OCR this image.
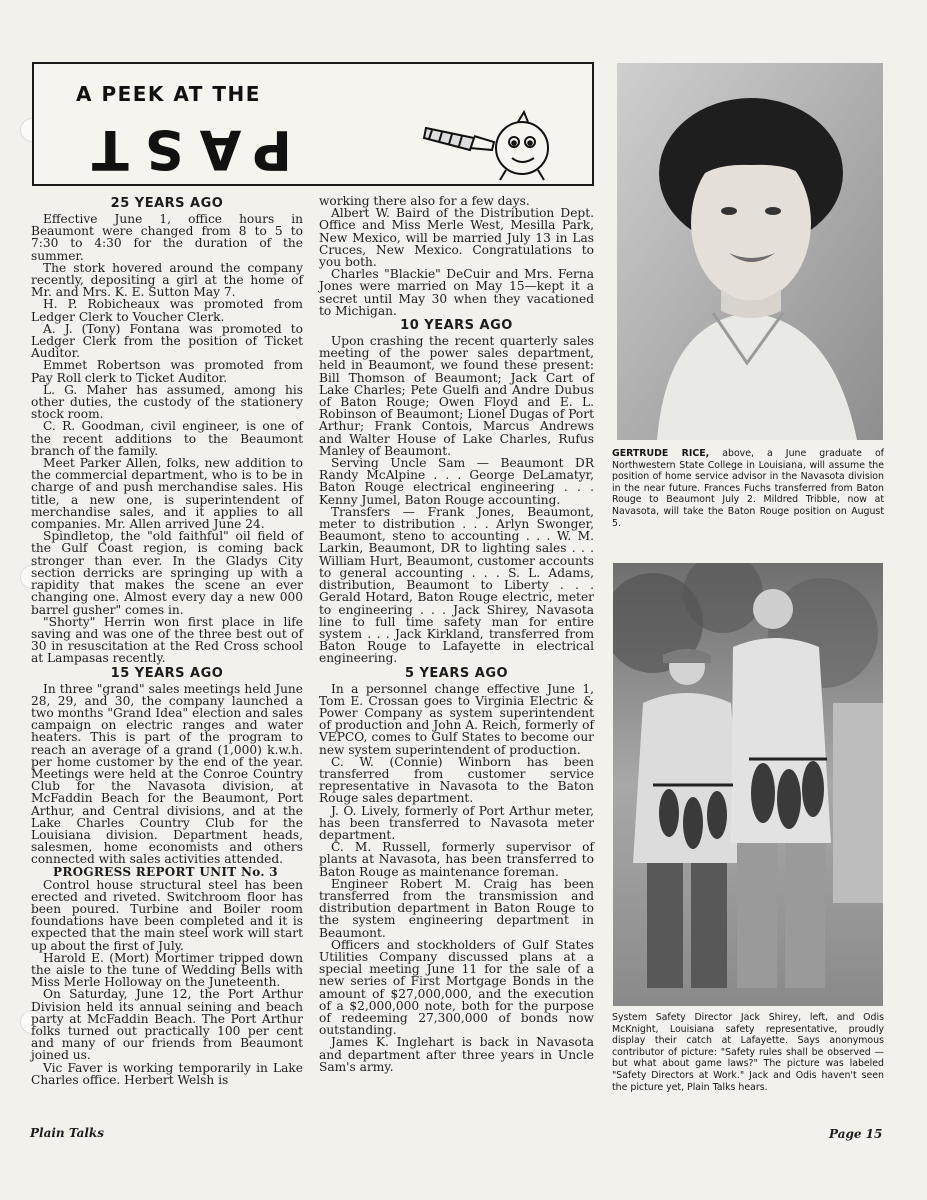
A PEEK AT THE
PAST
25 YEARS AGO

Effective June 1, office hours in Beaumont were changed from 8 to 5 to 7:30 to 4:30 for the duration of the summer.

The stork hovered around the company recently, depositing a girl at the home of Mr. and Mrs. K. E. Sutton May 7.

H. P. Robicheaux was promoted from Ledger Clerk to Voucher Clerk.

A. J. (Tony) Fontana was promoted to Ledger Clerk from the position of Ticket Auditor.

Emmet Robertson was promoted from Pay Roll clerk to Ticket Auditor.

L. G. Maher has assumed, among his other duties, the custody of the stationery stock room.

C. R. Goodman, civil engineer, is one of the recent additions to the Beaumont branch of the family.

Meet Parker Allen, folks, new addition to the commercial department, who is to be in charge of and push merchandise sales. His title, a new one, is superintendent of merchandise sales, and it applies to all companies. Mr. Allen arrived June 24.

Spindletop, the "old faithful" oil field of the Gulf Coast region, is coming back stronger than ever. In the Gladys City section derricks are springing up with a rapidity that makes the scene an ever changing one. Almost every day a new 000 barrel gusher" comes in.

"Shorty" Herrin won first place in life saving and was one of the three best out of 30 in resuscitation at the Red Cross school at Lampasas recently.

15 YEARS AGO

In three "grand" sales meetings held June 28, 29, and 30, the company launched a two months "Grand Idea" election and sales campaign on electric ranges and water heaters. This is part of the program to reach an average of a grand (1,000) k.w.h. per home customer by the end of the year. Meetings were held at the Conroe Country Club for the Navasota division, at McFaddin Beach for the Beaumont, Port Arthur, and Central divisions, and at the Lake Charles Country Club for the Louisiana division. Department heads, salesmen, home economists and others connected with sales activities attended.

PROGRESS REPORT UNIT No. 3

Control house structural steel has been erected and riveted. Switchroom floor has been poured. Turbine and Boiler room foundations have been completed and it is expected that the main steel work will start up about the first of July.

Harold E. (Mort) Mortimer tripped down the aisle to the tune of Wedding Bells with Miss Merle Holloway on the Juneteenth.

On Saturday, June 12, the Port Arthur Division held its annual seining and beach party at McFaddin Beach. The Port Arthur folks turned out practically 100 per cent and many of our friends from Beaumont joined us.

Vic Faver is working temporarily in Lake Charles office. Herbert Welsh is

working there also for a few days.

Albert W. Baird of the Distribution Dept. Office and Miss Merle West, Mesilla Park, New Mexico, will be married July 13 in Las Cruces, New Mexico. Congratulations to you both.

Charles "Blackie" DeCuir and Mrs. Ferna Jones were married on May 15—kept it a secret until May 30 when they vacationed to Michigan.

10 YEARS AGO

Upon crashing the recent quarterly sales meeting of the power sales department, held in Beaumont, we found these present: Bill Thomson of Beaumont; Jack Cart of Lake Charles; Pete Guelfi and Andre Dubus of Baton Rouge; Owen Floyd and E. L. Robinson of Beaumont; Lionel Dugas of Port Arthur; Frank Contois, Marcus Andrews and Walter House of Lake Charles, Rufus Manley of Beaumont.

Serving Uncle Sam — Beaumont DR Randy McAlpine . . . George DeLamatyr, Baton Rouge electrical engineering . . . Kenny Jumel, Baton Rouge accounting.

Transfers — Frank Jones, Beaumont, meter to distribution . . . Arlyn Swonger, Beaumont, steno to accounting . . . W. M. Larkin, Beaumont, DR to lighting sales . . . William Hurt, Beaumont, customer accounts to general accounting . . . S. L. Adams, distribution, Beaumont to Liberty . . . Gerald Hotard, Baton Rouge electric, meter to engineering . . . Jack Shirey, Navasota line to full time safety man for entire system . . . Jack Kirkland, transferred from Baton Rouge to Lafayette in electrical engineering.

5 YEARS AGO

In a personnel change effective June 1, Tom E. Crossan goes to Virginia Electric & Power Company as system superintendent of production and John A. Reich, formerly of VEPCO, comes to Gulf States to become our new system superintendent of production.

C. W. (Connie) Winborn has been transferred from customer service representative in Navasota to the Baton Rouge sales department.

J. O. Lively, formerly of Port Arthur meter, has been transferred to Navasota meter department.

C. M. Russell, formerly supervisor of plants at Navasota, has been transferred to Baton Rouge as maintenance foreman.

Engineer Robert M. Craig has been transferred from the transmission and distribution department in Baton Rouge to the system engineering department in Beaumont.

Officers and stockholders of Gulf States Utilities Company discussed plans at a special meeting June 11 for the sale of a new series of First Mortgage Bonds in the amount of $27,000,000, and the execution of a $2,000,000 note, both for the purpose of redeeming 27,300,000 of bonds now outstanding.

James K. Inglehart is back in Navasota and department after three years in Uncle Sam's army.

GERTRUDE RICE, above, a June graduate of Northwestern State College in Louisiana, will assume the position of home service advisor in the Navasota division in the near future. Frances Fuchs transferred from Baton Rouge to Beaumont July 2. Mildred Tribble, now at Navasota, will take the Baton Rouge position on August 5.
System Safety Director Jack Shirey, left, and Odis McKnight, Louisiana safety representative, proudly display their catch at Lafayette. Says anonymous contributor of picture: "Safety rules shall be observed — but what about game laws?" The picture was labeled "Safety Directors at Work." Jack and Odis haven't seen the picture yet, Plain Talks hears.
Plain Talks	Page 15
